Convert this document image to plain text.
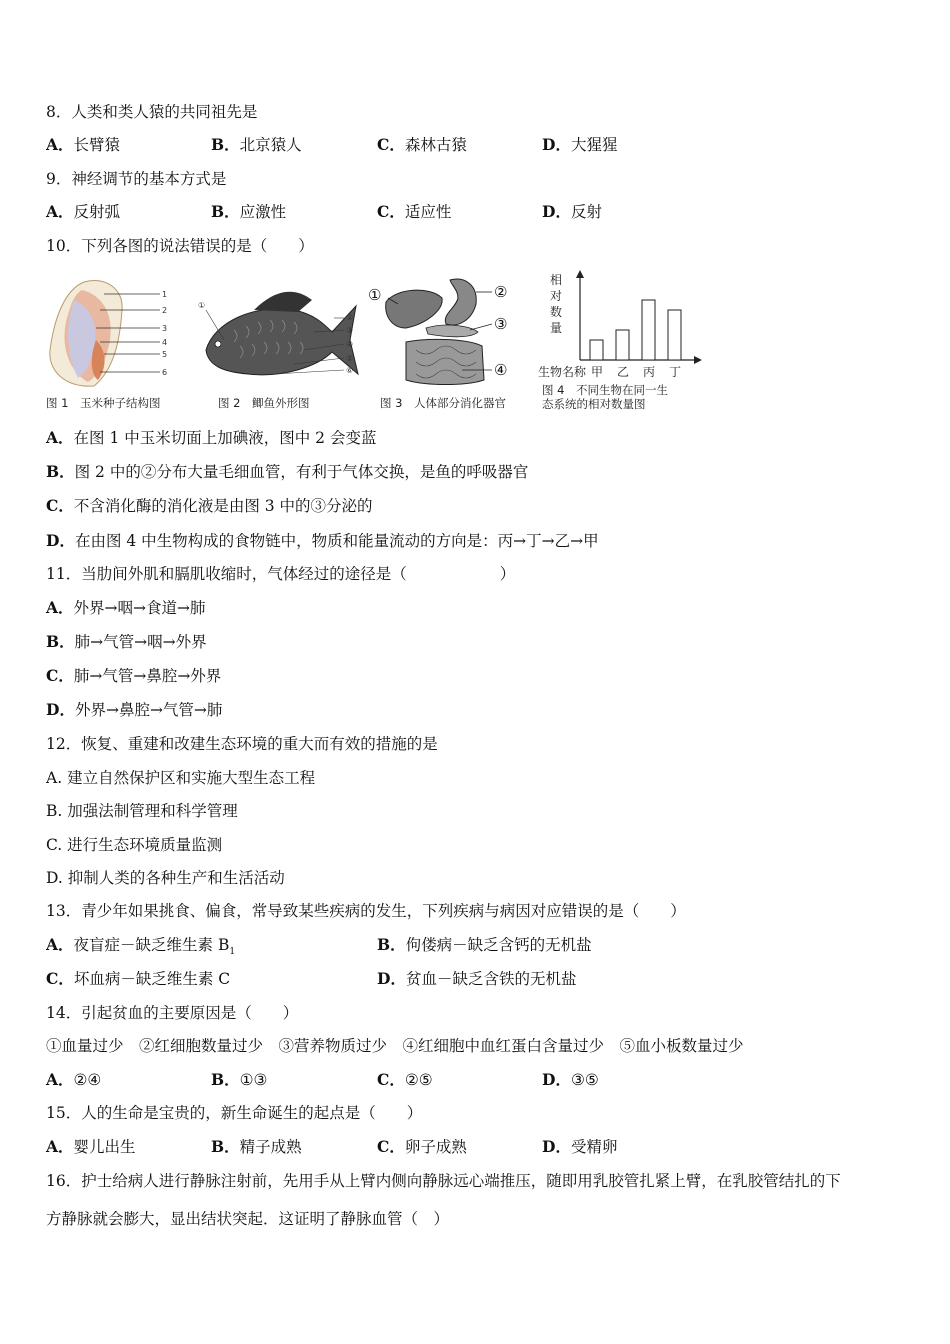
8．人类和类人猿的共同祖先是
A．长臂猿	B．北京猿人	C．森林古猿	D．大猩猩
9．神经调节的基本方式是
A．反射弧	B．应激性	C．适应性	D．反射
10．下列各图的说法错误的是（　　）
1
2
3
4
5
6
图 1　玉米种子结构图
①
②
③
④
⑤
⑥
图 2　鲫鱼外形图
①	②
③
④
图 3　人体部分消化器官
相
对
数
量
生物名称 甲 乙 丙 丁
图 4　不同生物在同一生
态系统的相对数量图
A．在图 1 中玉米切面上加碘液，图中 2 会变蓝
B．图 2 中的②分布大量毛细血管，有利于气体交换，是鱼的呼吸器官
C．不含消化酶的消化液是由图 3 中的③分泌的
D．在由图 4 中生物构成的食物链中，物质和能量流动的方向是：丙→丁→乙→甲
11．当肋间外肌和膈肌收缩时，气体经过的途径是（　　　　　　）
A．外界→咽→食道→肺
B．肺→气管→咽→外界
C．肺→气管→鼻腔→外界
D．外界→鼻腔→气管→肺
12．恢复、重建和改建生态环境的重大而有效的措施的是
A. 建立自然保护区和实施大型生态工程
B. 加强法制管理和科学管理
C. 进行生态环境质量监测
D. 抑制人类的各种生产和生活活动
13．青少年如果挑食、偏食，常导致某些疾病的发生，下列疾病与病因对应错误的是（　　）
A．夜盲症－缺乏维生素 $B_1$	B．佝偻病－缺乏含钙的无机盐
C．坏血病－缺乏维生素 C	D．贫血－缺乏含铁的无机盐
14．引起贫血的主要原因是（　　）
①血量过少　②红细胞数量过少　③营养物质过少　④红细胞中血红蛋白含量过少　⑤血小板数量过少
A．②④	B．①③	C．②⑤	D．③⑤
15．人的生命是宝贵的，新生命诞生的起点是（　　）
A．婴儿出生	B．精子成熟	C．卵子成熟	D．受精卵
16．护士给病人进行静脉注射前，先用手从上臂内侧向静脉远心端推压，随即用乳胶管扎紧上臂，在乳胶管结扎的下
方静脉就会膨大，显出结状突起．这证明了静脉血管（　）
